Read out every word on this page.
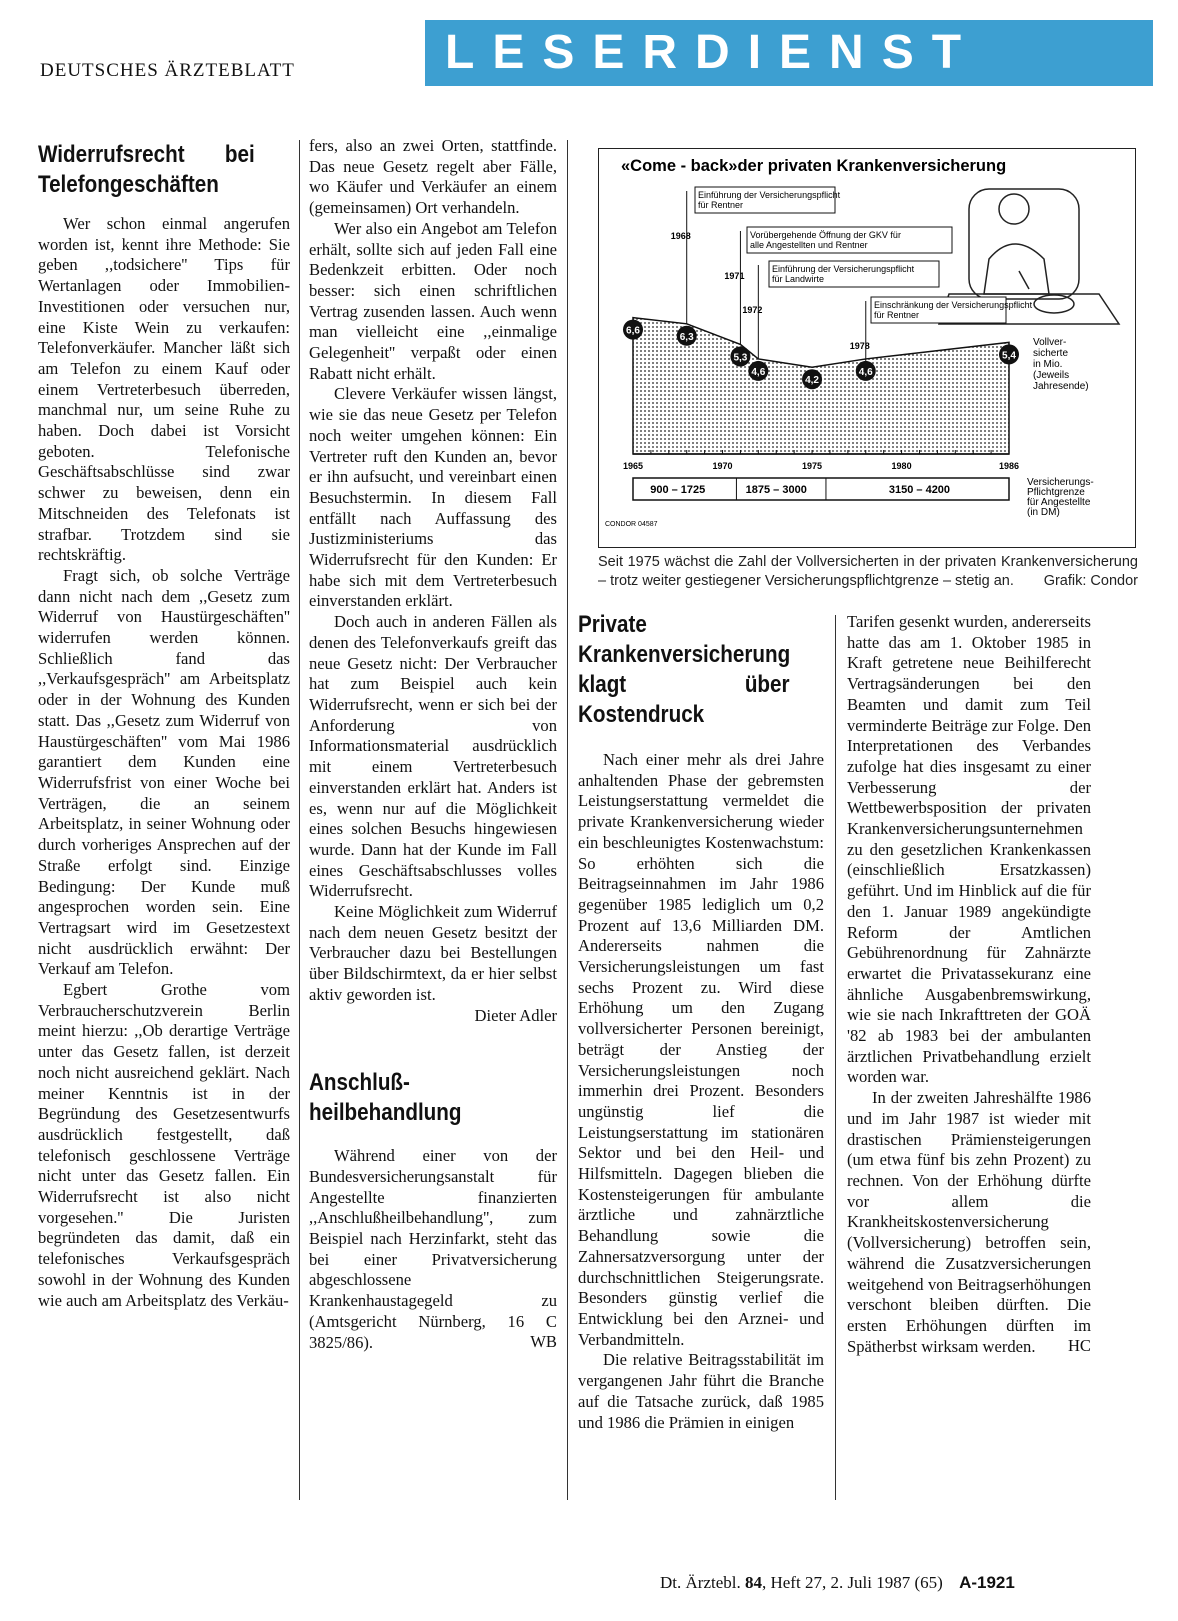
DEUTSCHES ÄRZTEBLATT	LESERDIENST
Widerrufsrecht bei Telefongeschäften

Wer schon einmal angerufen worden ist, kennt ihre Methode: Sie geben ,,todsichere'' Tips für Wertanlagen oder Immobilien-Investitionen oder versuchen nur, eine Kiste Wein zu verkaufen: Telefonverkäufer. Mancher läßt sich am Telefon zu einem Kauf oder einem Vertreterbesuch überreden, manchmal nur, um seine Ruhe zu haben. Doch dabei ist Vorsicht geboten. Telefonische Geschäftsabschlüsse sind zwar schwer zu beweisen, denn ein Mitschneiden des Telefonats ist strafbar. Trotzdem sind sie rechtskräftig.

Fragt sich, ob solche Verträge dann nicht nach dem ,,Gesetz zum Widerruf von Haustürgeschäften'' widerrufen werden können. Schließlich fand das ,,Verkaufsgespräch'' am Arbeitsplatz oder in der Wohnung des Kunden statt. Das ,,Gesetz zum Widerruf von Haustürgeschäften'' vom Mai 1986 garantiert dem Kunden eine Widerrufsfrist von einer Woche bei Verträgen, die an seinem Arbeitsplatz, in seiner Wohnung oder durch vorheriges Ansprechen auf der Straße erfolgt sind. Einzige Bedingung: Der Kunde muß angesprochen worden sein. Eine Vertragsart wird im Gesetzestext nicht ausdrücklich erwähnt: Der Verkauf am Telefon.

Egbert Grothe vom Verbraucherschutzverein Berlin meint hierzu: ,,Ob derartige Verträge unter das Gesetz fallen, ist derzeit noch nicht ausreichend geklärt. Nach meiner Kenntnis ist in der Begründung des Gesetzesentwurfs ausdrücklich festgestellt, daß telefonisch geschlossene Verträge nicht unter das Gesetz fallen. Ein Widerrufsrecht ist also nicht vorgesehen.'' Die Juristen begründeten das damit, daß ein telefonisches Verkaufsgespräch sowohl in der Wohnung des Kunden wie auch am Arbeitsplatz des Verkäu-

fers, also an zwei Orten, stattfinde. Das neue Gesetz regelt aber Fälle, wo Käufer und Verkäufer an einem (gemeinsamen) Ort verhandeln.

Wer also ein Angebot am Telefon erhält, sollte sich auf jeden Fall eine Bedenkzeit erbitten. Oder noch besser: sich einen schriftlichen Vertrag zusenden lassen. Auch wenn man vielleicht eine ,,einmalige Gelegenheit'' verpaßt oder einen Rabatt nicht erhält.

Clevere Verkäufer wissen längst, wie sie das neue Gesetz per Telefon noch weiter umgehen können: Ein Vertreter ruft den Kunden an, bevor er ihn aufsucht, und vereinbart einen Besuchstermin. In diesem Fall entfällt nach Auffassung des Justizministeriums das Widerrufsrecht für den Kunden: Er habe sich mit dem Vertreterbesuch einverstanden erklärt.

Doch auch in anderen Fällen als denen des Telefonverkaufs greift das neue Gesetz nicht: Der Verbraucher hat zum Beispiel auch kein Widerrufsrecht, wenn er sich bei der Anforderung von Informationsmaterial ausdrücklich mit einem Vertreterbesuch einverstanden erklärt hat. Anders ist es, wenn nur auf die Möglichkeit eines solchen Besuchs hingewiesen wurde. Dann hat der Kunde im Fall eines Geschäftsabschlusses volles Widerrufsrecht.

Keine Möglichkeit zum Widerruf nach dem neuen Gesetz besitzt der Verbraucher dazu bei Bestellungen über Bildschirmtext, da er hier selbst aktiv geworden ist.

Dieter Adler

Anschluß-heilbehandlung

Während einer von der Bundesversicherungsanstalt für Angestellte finanzierten ,,Anschlußheilbehandlung'', zum Beispiel nach Herzinfarkt, steht das bei einer Privatversicherung abgeschlossene Krankenhaustagegeld zu (Amtsgericht Nürnberg, 16 C 3825/86).	WB

«Come - back»der privaten Krankenversicherung
1968
Einführung der Versicherungspflicht für Rentner
1971
Vorübergehende Öffnung der GKV für alle Angestellten und Rentner
1972
Einführung der Versicherungspflicht für Landwirte
1978
Einschränkung der Versicherungspflicht für Rentner
6,6
6,3
5,3
4,6
4,2
4,6
5,4
1965	1970	1975	1980	1986
900 – 1725	1875 – 3000	3150 – 4200
Vollver- sicherte in Mio. (Jeweils Jahresende)
Versicherungs- Pflichtgrenze für Angestellte (in DM)
CONDOR 04587
Seit 1975 wächst die Zahl der Vollversicherten in der privaten Krankenversicherung – trotz weiter gestiegener Versicherungspflichtgrenze – stetig an. Grafik: Condor
Private Krankenversicherung klagt über Kostendruck

Nach einer mehr als drei Jahre anhaltenden Phase der gebremsten Leistungserstattung vermeldet die private Krankenversicherung wieder ein beschleunigtes Kostenwachstum: So erhöhten sich die Beitragseinnahmen im Jahr 1986 gegenüber 1985 lediglich um 0,2 Prozent auf 13,6 Milliarden DM. Andererseits nahmen die Versicherungsleistungen um fast sechs Prozent zu. Wird diese Erhöhung um den Zugang vollversicherter Personen bereinigt, beträgt der Anstieg der Versicherungsleistungen noch immerhin drei Prozent. Besonders ungünstig lief die Leistungserstattung im stationären Sektor und bei den Heil- und Hilfsmitteln. Dagegen blieben die Kostensteigerungen für ambulante ärztliche und zahnärztliche Behandlung sowie die Zahnersatzversorgung unter der durchschnittlichen Steigerungsrate. Besonders günstig verlief die Entwicklung bei den Arznei- und Verbandmitteln.

Die relative Beitragsstabilität im vergangenen Jahr führt die Branche auf die Tatsache zurück, daß 1985 und 1986 die Prämien in einigen

Tarifen gesenkt wurden, andererseits hatte das am 1. Oktober 1985 in Kraft getretene neue Beihilferecht Vertragsänderungen bei den Beamten und damit zum Teil verminderte Beiträge zur Folge. Den Interpretationen des Verbandes zufolge hat dies insgesamt zu einer Verbesserung der Wettbewerbsposition der privaten Krankenversicherungsunternehmen zu den gesetzlichen Krankenkassen (einschließlich Ersatzkassen) geführt. Und im Hinblick auf die für den 1. Januar 1989 angekündigte Reform der Amtlichen Gebührenordnung für Zahnärzte erwartet die Privatassekuranz eine ähnliche Ausgabenbremswirkung, wie sie nach Inkrafttreten der GOÄ '82 ab 1983 bei der ambulanten ärztlichen Privatbehandlung erzielt worden war.

In der zweiten Jahreshälfte 1986 und im Jahr 1987 ist wieder mit drastischen Prämiensteigerungen (um etwa fünf bis zehn Prozent) zu rechnen. Von der Erhöhung dürfte vor allem die Krankheitskostenversicherung (Vollversicherung) betroffen sein, während die Zusatzversicherungen weitgehend von Beitragserhöhungen verschont bleiben dürften. Die ersten Erhöhungen dürften im Spätherbst wirksam werden.	HC

Dt. Ärztebl. 84, Heft 27, 2. Juli 1987 (65) A-1921
